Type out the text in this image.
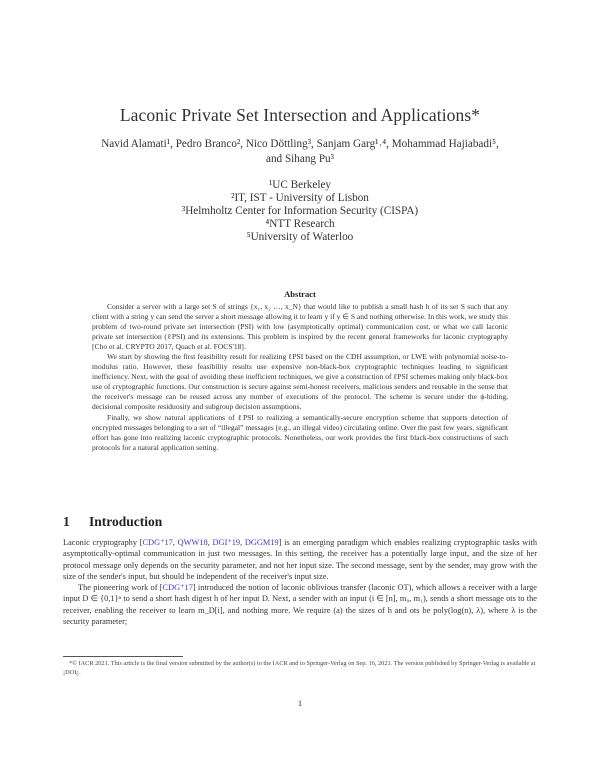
Laconic Private Set Intersection and Applications*
Navid Alamati¹, Pedro Branco², Nico Döttling³, Sanjam Garg¹˒⁴, Mohammad Hajiabadi⁵,
and Sihang Pu³
¹UC Berkeley
²IT, IST - University of Lisbon
³Helmholtz Center for Information Security (CISPA)
⁴NTT Research
⁵University of Waterloo
Abstract

Consider a server with a large set S of strings {x₁, x₂ …, x_N} that would like to publish a small hash h of its set S such that any client with a string y can send the server a short message allowing it to learn y if y ∈ S and nothing otherwise. In this work, we study this problem of two-round private set intersection (PSI) with low (asymptotically optimal) communication cost, or what we call laconic private set intersection (ℓPSI) and its extensions. This problem is inspired by the recent general frameworks for laconic cryptography [Cho et al. CRYPTO 2017, Quach et al. FOCS'18].

We start by showing the first feasibility result for realizing ℓPSI based on the CDH assumption, or LWE with polynomial noise-to-modulus ratio. However, these feasibility results use expensive non-black-box cryptographic techniques leading to significant inefficiency. Next, with the goal of avoiding these inefficient techniques, we give a construction of ℓPSI schemes making only black-box use of cryptographic functions. Our construction is secure against semi-honest receivers, malicious senders and reusable in the sense that the receiver's message can be reused across any number of executions of the protocol. The scheme is secure under the ϕ-hiding, decisional composite residuosity and subgroup decision assumptions.

Finally, we show natural applications of ℓPSI to realizing a semantically-secure encryption scheme that supports detection of encrypted messages belonging to a set of “illegal” messages (e.g., an illegal video) circulating online. Over the past few years, significant effort has gone into realizing laconic cryptographic protocols. Nonetheless, our work provides the first black-box constructions of such protocols for a natural application setting.

1 Introduction

Laconic cryptography [CDG⁺17, QWW18, DGI⁺19, DGGM19] is an emerging paradigm which enables realizing cryptographic tasks with asymptotically-optimal communication in just two messages. In this setting, the receiver has a potentially large input, and the size of her protocol message only depends on the security parameter, and not her input size. The second message, sent by the sender, may grow with the size of the sender's input, but should be independent of the receiver's input size.

The pioneering work of [CDG⁺17] introduced the notion of laconic oblivious transfer (laconic OT), which allows a receiver with a large input D ∈ {0,1}ⁿ to send a short hash digest h of her input D. Next, a sender with an input (i ∈ [n], m₀, m₁), sends a short message ots to the receiver, enabling the receiver to learn m_D[i], and nothing more. We require (a) the sizes of h and ots be poly(log(n), λ), where λ is the security parameter;

*© IACR 2021. This article is the final version submitted by the author(s) to the IACR and to Springer-Verlag on Sep. 16, 2021. The version published by Springer-Verlag is available at ¡DOI¿.
1
